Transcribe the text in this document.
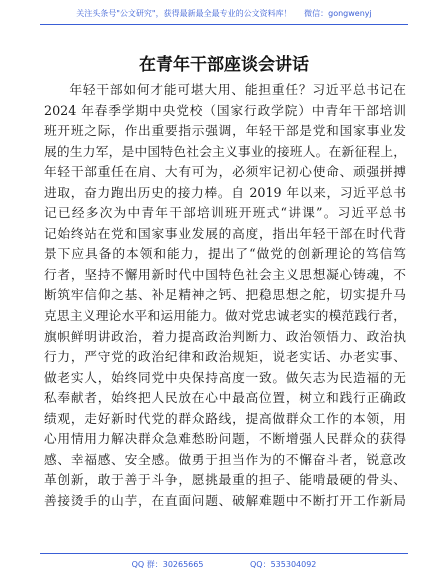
关注头条号"公文研究"，获得最新最全最专业的公文资料库！ 微信：gongwenyj
在青年干部座谈会讲话
年轻干部如何才能可堪大用、能担重任？习近平总书记在
2024 年春季学期中央党校（国家行政学院）中青年干部培训
班开班之际，作出重要指示强调，年轻干部是党和国家事业发
展的生力军，是中国特色社会主义事业的接班人。在新征程上，
年轻干部重任在肩、大有可为，必须牢记初心使命、顽强拼搏
进取，奋力跑出历史的接力棒。自 2019 年以来，习近平总书
记已经多次为中青年干部培训班开班式“讲课”。习近平总书
记始终站在党和国家事业发展的高度，指出年轻干部在时代背
景下应具备的本领和能力，提出了“做党的创新理论的笃信笃
行者，坚持不懈用新时代中国特色社会主义思想凝心铸魂，不
断筑牢信仰之基、补足精神之钙、把稳思想之舵，切实提升马
克思主义理论水平和运用能力。做对党忠诚老实的模范践行者，
旗帜鲜明讲政治，着力提高政治判断力、政治领悟力、政治执
行力，严守党的政治纪律和政治规矩，说老实话、办老实事、
做老实人，始终同党中央保持高度一致。做矢志为民造福的无
私奉献者，始终把人民放在心中最高位置，树立和践行正确政
绩观，走好新时代党的群众路线，提高做群众工作的本领，用
心用情用力解决群众急难愁盼问题，不断增强人民群众的获得
感、幸福感、安全感。做勇于担当作为的不懈奋斗者，锐意改
革创新，敢于善于斗争，愿挑最重的担子、能啃最硬的骨头、
善接烫手的山芋，在直面问题、破解难题中不断打开工作新局
QQ 群：30265665	QQ：535304092
